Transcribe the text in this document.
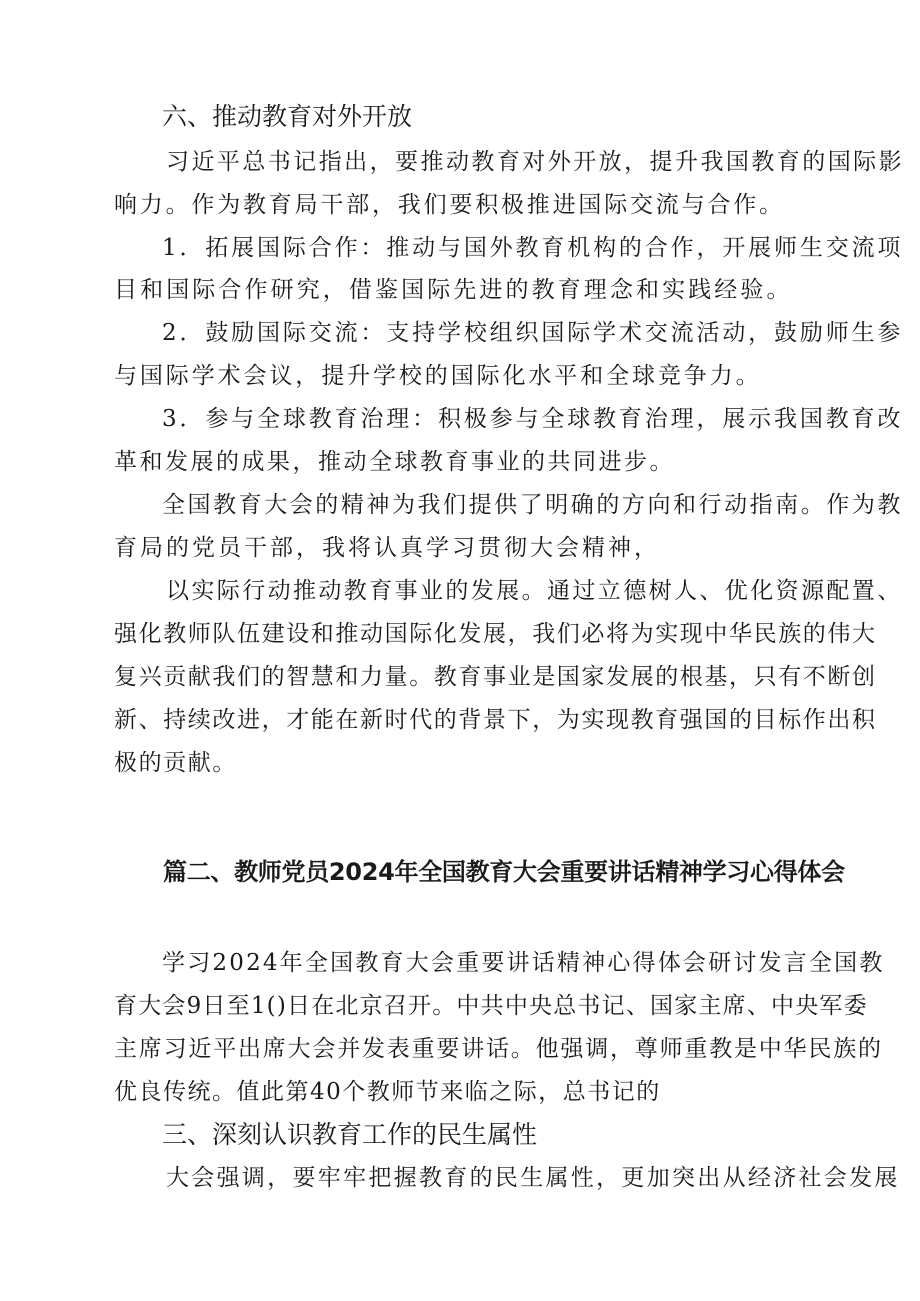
六、推动教育对外开放
习近平总书记指出，要推动教育对外开放，提升我国教育的国际影
响力。作为教育局干部，我们要积极推进国际交流与合作。
1．拓展国际合作：推动与国外教育机构的合作，开展师生交流项
目和国际合作研究，借鉴国际先进的教育理念和实践经验。
2．鼓励国际交流：支持学校组织国际学术交流活动，鼓励师生参
与国际学术会议，提升学校的国际化水平和全球竞争力。
3．参与全球教育治理：积极参与全球教育治理，展示我国教育改
革和发展的成果，推动全球教育事业的共同进步。
全国教育大会的精神为我们提供了明确的方向和行动指南。作为教
育局的党员干部，我将认真学习贯彻大会精神，
以实际行动推动教育事业的发展。通过立德树人、优化资源配置、
强化教师队伍建设和推动国际化发展，我们必将为实现中华民族的伟大
复兴贡献我们的智慧和力量。教育事业是国家发展的根基，只有不断创
新、持续改进，才能在新时代的背景下，为实现教育强国的目标作出积
极的贡献。
篇二、教师党员2024年全国教育大会重要讲话精神学习心得体会
学习2024年全国教育大会重要讲话精神心得体会研讨发言全国教
育大会9日至1()日在北京召开。中共中央总书记、国家主席、中央军委
主席习近平出席大会并发表重要讲话。他强调，尊师重教是中华民族的
优良传统。值此第40个教师节来临之际，总书记的
三、深刻认识教育工作的民生属性
大会强调，要牢牢把握教育的民生属性，更加突出从经济社会发展
